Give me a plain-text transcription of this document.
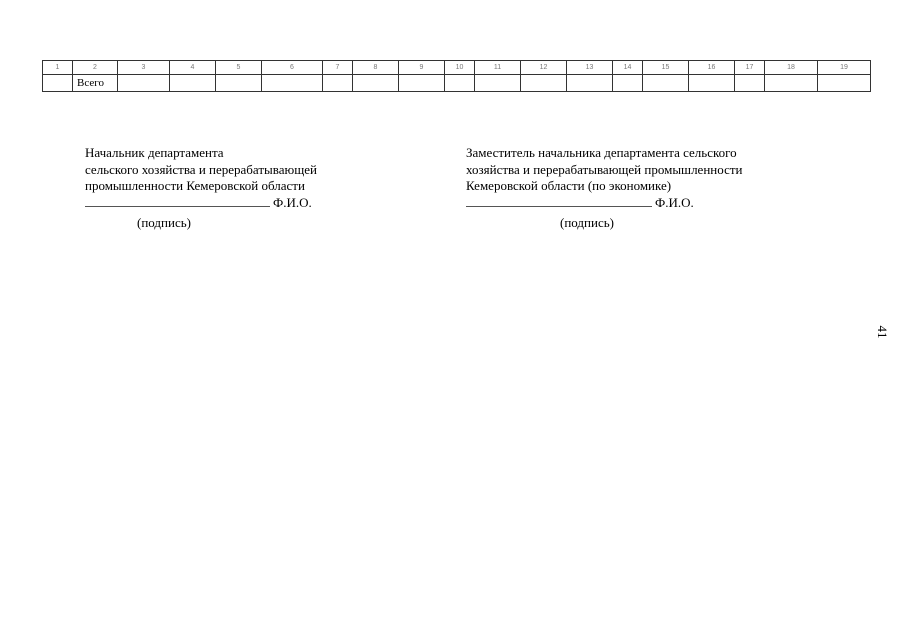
1	2	3	4	5	6	7	8	9	10	11	12	13	14	15	16	17	18	19
	Всего																	
Начальник департамента
сельского хозяйства и перерабатывающей
промышленности Кемеровской области
Ф.И.О.
(подпись)
Заместитель начальника департамента сельского
хозяйства и перерабатывающей промышленности
Кемеровской области (по экономике)
Ф.И.О.
(подпись)
41
